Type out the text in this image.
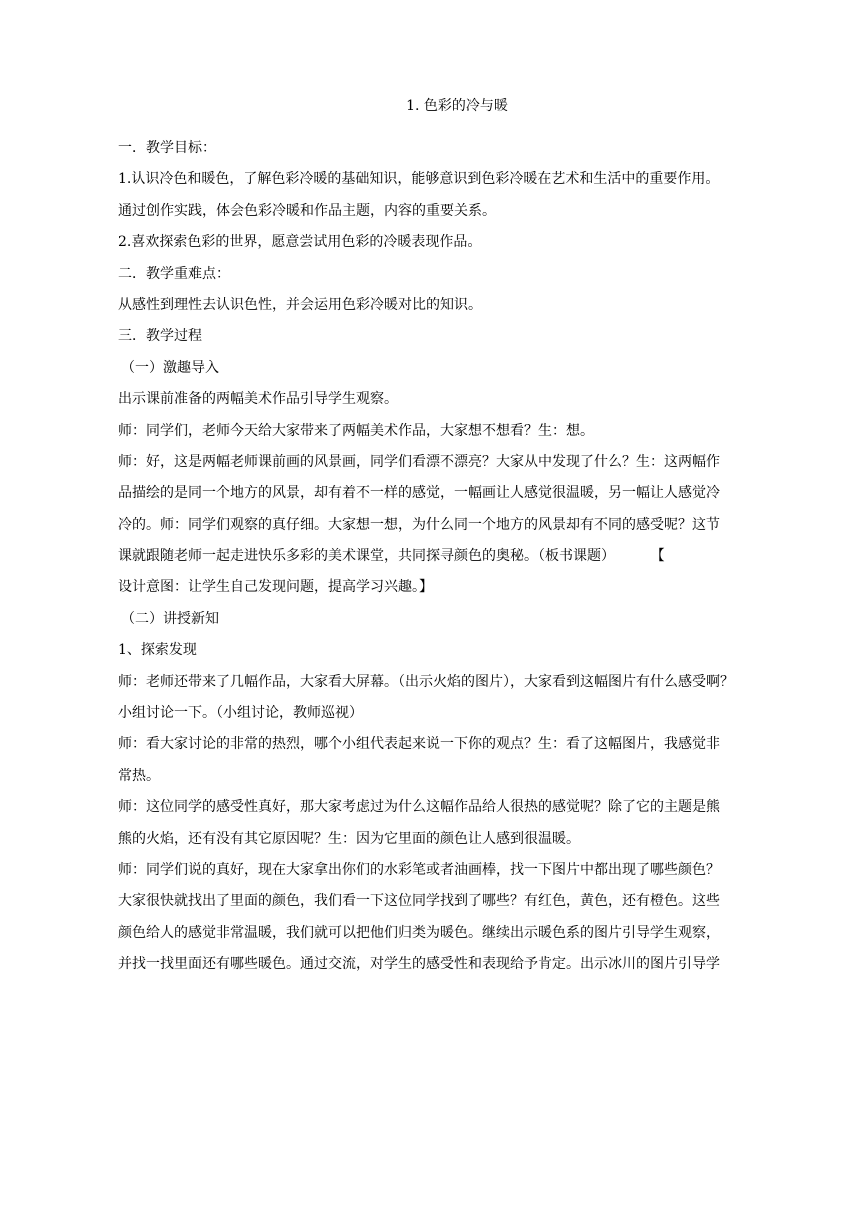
1. 色彩的冷与暖
一．教学目标：
1.认识冷色和暖色，了解色彩冷暖的基础知识，能够意识到色彩冷暖在艺术和生活中的重要作用。
通过创作实践，体会色彩冷暖和作品主题，内容的重要关系。
2.喜欢探索色彩的世界，愿意尝试用色彩的冷暖表现作品。
二．教学重难点：
从感性到理性去认识色性，并会运用色彩冷暖对比的知识。
三．教学过程
（一）激趣导入
出示课前准备的两幅美术作品引导学生观察。
师：同学们，老师今天给大家带来了两幅美术作品，大家想不想看？生：想。
师：好，这是两幅老师课前画的风景画，同学们看漂不漂亮？大家从中发现了什么？生：这两幅作
品描绘的是同一个地方的风景，却有着不一样的感觉，一幅画让人感觉很温暖，另一幅让人感觉冷
冷的。师：同学们观察的真仔细。大家想一想，为什么同一个地方的风景却有不同的感受呢？这节
课就跟随老师一起走进快乐多彩的美术课堂，共同探寻颜色的奥秘。（板书课题）        【
设计意图：让学生自己发现问题，提高学习兴趣。】
（二）讲授新知
1、探索发现
师：老师还带来了几幅作品，大家看大屏幕。（出示火焰的图片），大家看到这幅图片有什么感受啊？
小组讨论一下。（小组讨论，教师巡视）
师：看大家讨论的非常的热烈，哪个小组代表起来说一下你的观点？生：看了这幅图片，我感觉非
常热。
师：这位同学的感受性真好，那大家考虑过为什么这幅作品给人很热的感觉呢？除了它的主题是熊
熊的火焰，还有没有其它原因呢？生：因为它里面的颜色让人感到很温暖。
师：同学们说的真好，现在大家拿出你们的水彩笔或者油画棒，找一下图片中都出现了哪些颜色？
大家很快就找出了里面的颜色，我们看一下这位同学找到了哪些？有红色，黄色，还有橙色。这些
颜色给人的感觉非常温暖，我们就可以把他们归类为暖色。继续出示暖色系的图片引导学生观察，
并找一找里面还有哪些暖色。通过交流，对学生的感受性和表现给予肯定。出示冰川的图片引导学
